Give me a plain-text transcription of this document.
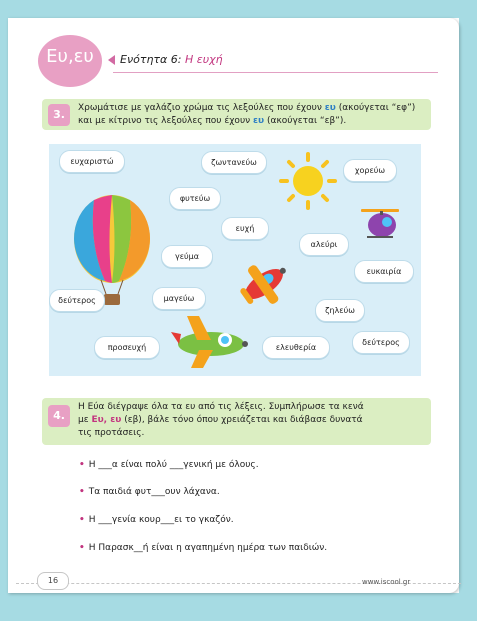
Ευ,ευ	Ενότητα 6: Η ευχή
3.	Χρωμάτισε με γαλάζιο χρώμα τις λεξούλες που έχουν ευ (ακούγεται “εφ”)
και με κίτρινο τις λεξούλες που έχουν ευ (ακούγεται “εβ”).
ευχαριστώ	ζωντανεύω
χορεύω
φυτεύω
ευχή
γεύμα
αλεύρι
ευκαιρία
δεύτερος	μαγεύω
ζηλεύω
προσευχή	ελευθερία
δεύτερος
4.
Η Εύα διέγραψε όλα τα ευ από τις λέξεις. Συμπλήρωσε τα κενά
με Ευ, ευ (εβ), βάλε τόνο όπου χρειάζεται και διάβασε δυνατά
τις προτάσεις.
• Η ___α είναι πολύ ___γενική με όλους.
• Τα παιδιά φυτ___ουν λάχανα.
• Η ___γενία κουρ___ει το γκαζόν.
• Η Παρασκ__ή είναι η αγαπημένη ημέρα των παιδιών.
16	www.iscool.gr
